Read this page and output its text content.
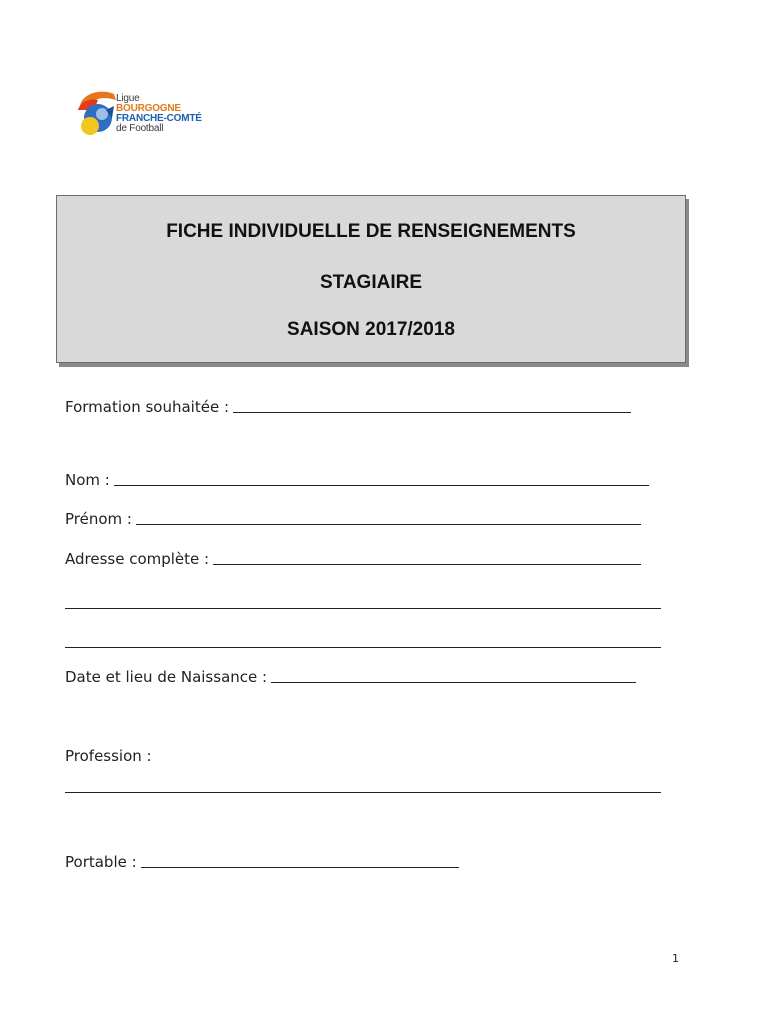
Ligue
BOURGOGNE
FRANCHE-COMTÉ
de Football
FICHE INDIVIDUELLE DE RENSEIGNEMENTS
STAGIAIRE
SAISON 2017/2018
Formation souhaitée :
Nom :
Prénom :
Adresse complète :
Date et lieu de Naissance :
Profession :
Portable :
1
